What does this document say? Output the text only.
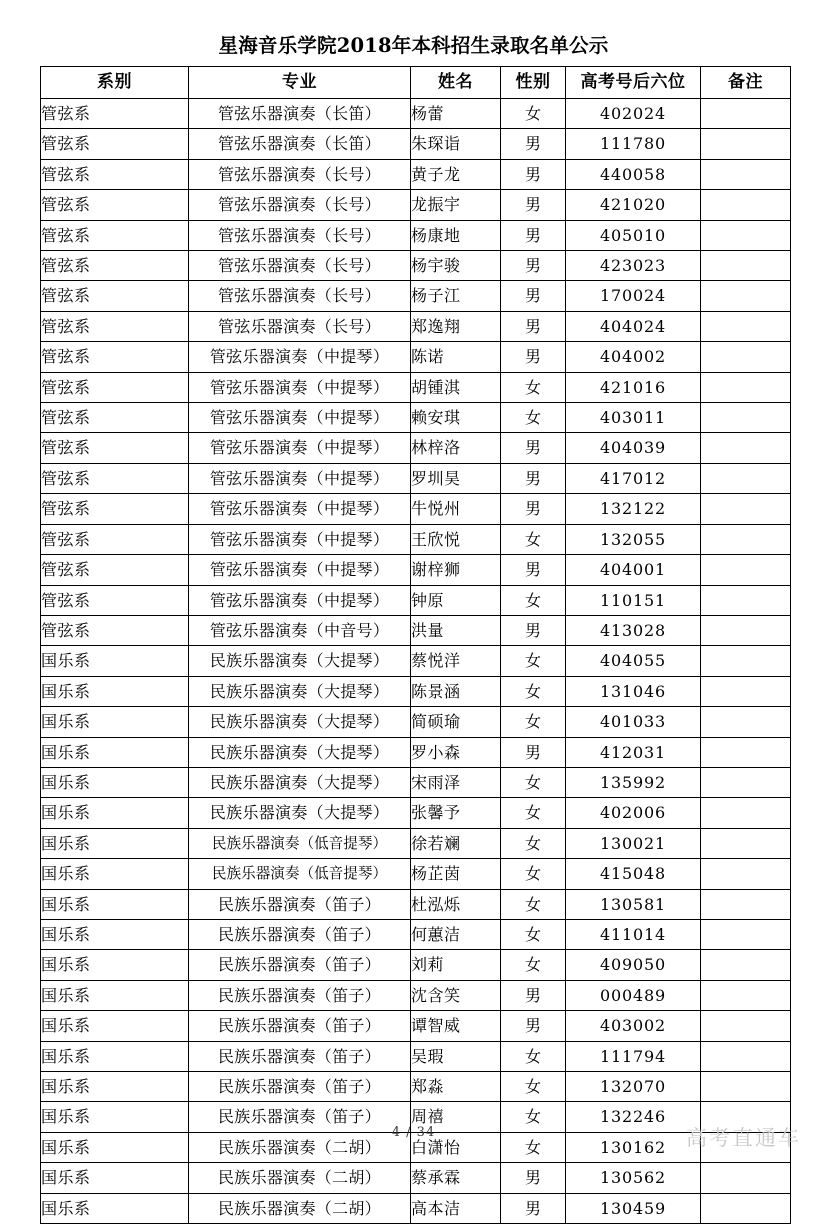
星海音乐学院2018年本科招生录取名单公示
系别	专业	姓名	性别	高考号后六位	备注
管弦系	管弦乐器演奏（长笛）	杨蕾	女	402024	
管弦系	管弦乐器演奏（长笛）	朱琛诣	男	111780	
管弦系	管弦乐器演奏（长号）	黄子龙	男	440058	
管弦系	管弦乐器演奏（长号）	龙振宇	男	421020	
管弦系	管弦乐器演奏（长号）	杨康地	男	405010	
管弦系	管弦乐器演奏（长号）	杨宇骏	男	423023	
管弦系	管弦乐器演奏（长号）	杨子江	男	170024	
管弦系	管弦乐器演奏（长号）	郑逸翔	男	404024	
管弦系	管弦乐器演奏（中提琴）	陈诺	男	404002	
管弦系	管弦乐器演奏（中提琴）	胡锺淇	女	421016	
管弦系	管弦乐器演奏（中提琴）	赖安琪	女	403011	
管弦系	管弦乐器演奏（中提琴）	林梓洛	男	404039	
管弦系	管弦乐器演奏（中提琴）	罗圳昊	男	417012	
管弦系	管弦乐器演奏（中提琴）	牛悦州	男	132122	
管弦系	管弦乐器演奏（中提琴）	王欣悦	女	132055	
管弦系	管弦乐器演奏（中提琴）	谢梓狮	男	404001	
管弦系	管弦乐器演奏（中提琴）	钟原	女	110151	
管弦系	管弦乐器演奏（中音号）	洪量	男	413028	
国乐系	民族乐器演奏（大提琴）	蔡悦洋	女	404055	
国乐系	民族乐器演奏（大提琴）	陈景涵	女	131046	
国乐系	民族乐器演奏（大提琴）	简硕瑜	女	401033	
国乐系	民族乐器演奏（大提琴）	罗小森	男	412031	
国乐系	民族乐器演奏（大提琴）	宋雨泽	女	135992	
国乐系	民族乐器演奏（大提琴）	张馨予	女	402006	
国乐系	民族乐器演奏（低音提琴）	徐若斓	女	130021	
国乐系	民族乐器演奏（低音提琴）	杨芷茵	女	415048	
国乐系	民族乐器演奏（笛子）	杜泓烁	女	130581	
国乐系	民族乐器演奏（笛子）	何蕙洁	女	411014	
国乐系	民族乐器演奏（笛子）	刘莉	女	409050	
国乐系	民族乐器演奏（笛子）	沈含笑	男	000489	
国乐系	民族乐器演奏（笛子）	谭智威	男	403002	
国乐系	民族乐器演奏（笛子）	吴瑕	女	111794	
国乐系	民族乐器演奏（笛子）	郑淼	女	132070	
国乐系	民族乐器演奏（笛子）	周禧	女	132246	
国乐系	民族乐器演奏（二胡）	白潇怡	女	130162	
国乐系	民族乐器演奏（二胡）	蔡承霖	男	130562	
国乐系	民族乐器演奏（二胡）	高本洁	男	130459	
4 / 34	高考直通车
